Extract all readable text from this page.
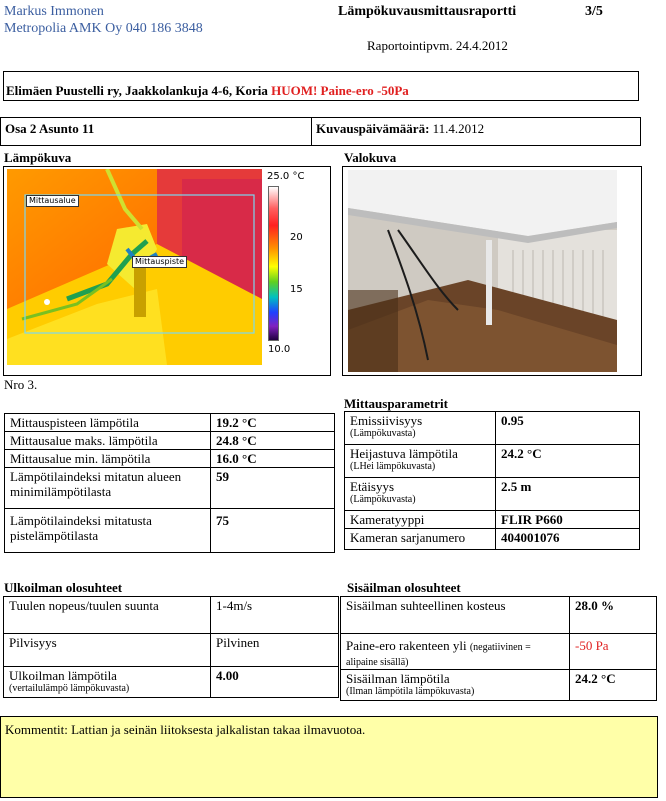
Markus Immonen
Metropolia AMK Oy 040 186 3848
Lämpökuvausmittausraportti	3/5
Raportointipvm. 24.4.2012
Elimäen Puustelli ry, Jaakkolankuja 4-6, Koria HUOM! Paine-ero -50Pa
Osa 2 Asunto 11	Kuvauspäivämäärä: 11.4.2012
Lämpökuva
Mittausalue
Mittauspiste
25.0 °C
20
15
10.0
Nro 3.
Valokuva
Mittauspisteen lämpötila	19.2 °C
Mittausalue maks. lämpötila	24.8 °C
Mittausalue min. lämpötila	16.0 °C
Lämpötilaindeksi mitatun alueen minimilämpötilasta	59
Lämpötilaindeksi mitatusta pistelämpötilasta	75
Mittausparametrit
Emissiivisyys
(Lämpökuvasta)	0.95

Heijastuva lämpötila
(LHei lämpökuvasta)	24.2 °C

Etäisyys
(Lämpökuvasta)	2.5 m

Kameratyyppi	FLIR P660

Kameran sarjanumero	404001076
Ulkoilman olosuhteet
Tuulen nopeus/tuulen suunta	1-4m/s
Pilvisyys	Pilvinen

Ulkoilman lämpötila
(vertailulämpö lämpökuvasta)	4.00
Sisäilman olosuhteet
Sisäilman suhteellinen kosteus	28.0 %
Paine-ero rakenteen yli (negatiivinen = alipaine sisällä)	-50 Pa

Sisäilman lämpötila
(Ilman lämpötila lämpökuvasta)	24.2 °C
Kommentit: Lattian ja seinän liitoksesta jalkalistan takaa ilmavuotoa.
